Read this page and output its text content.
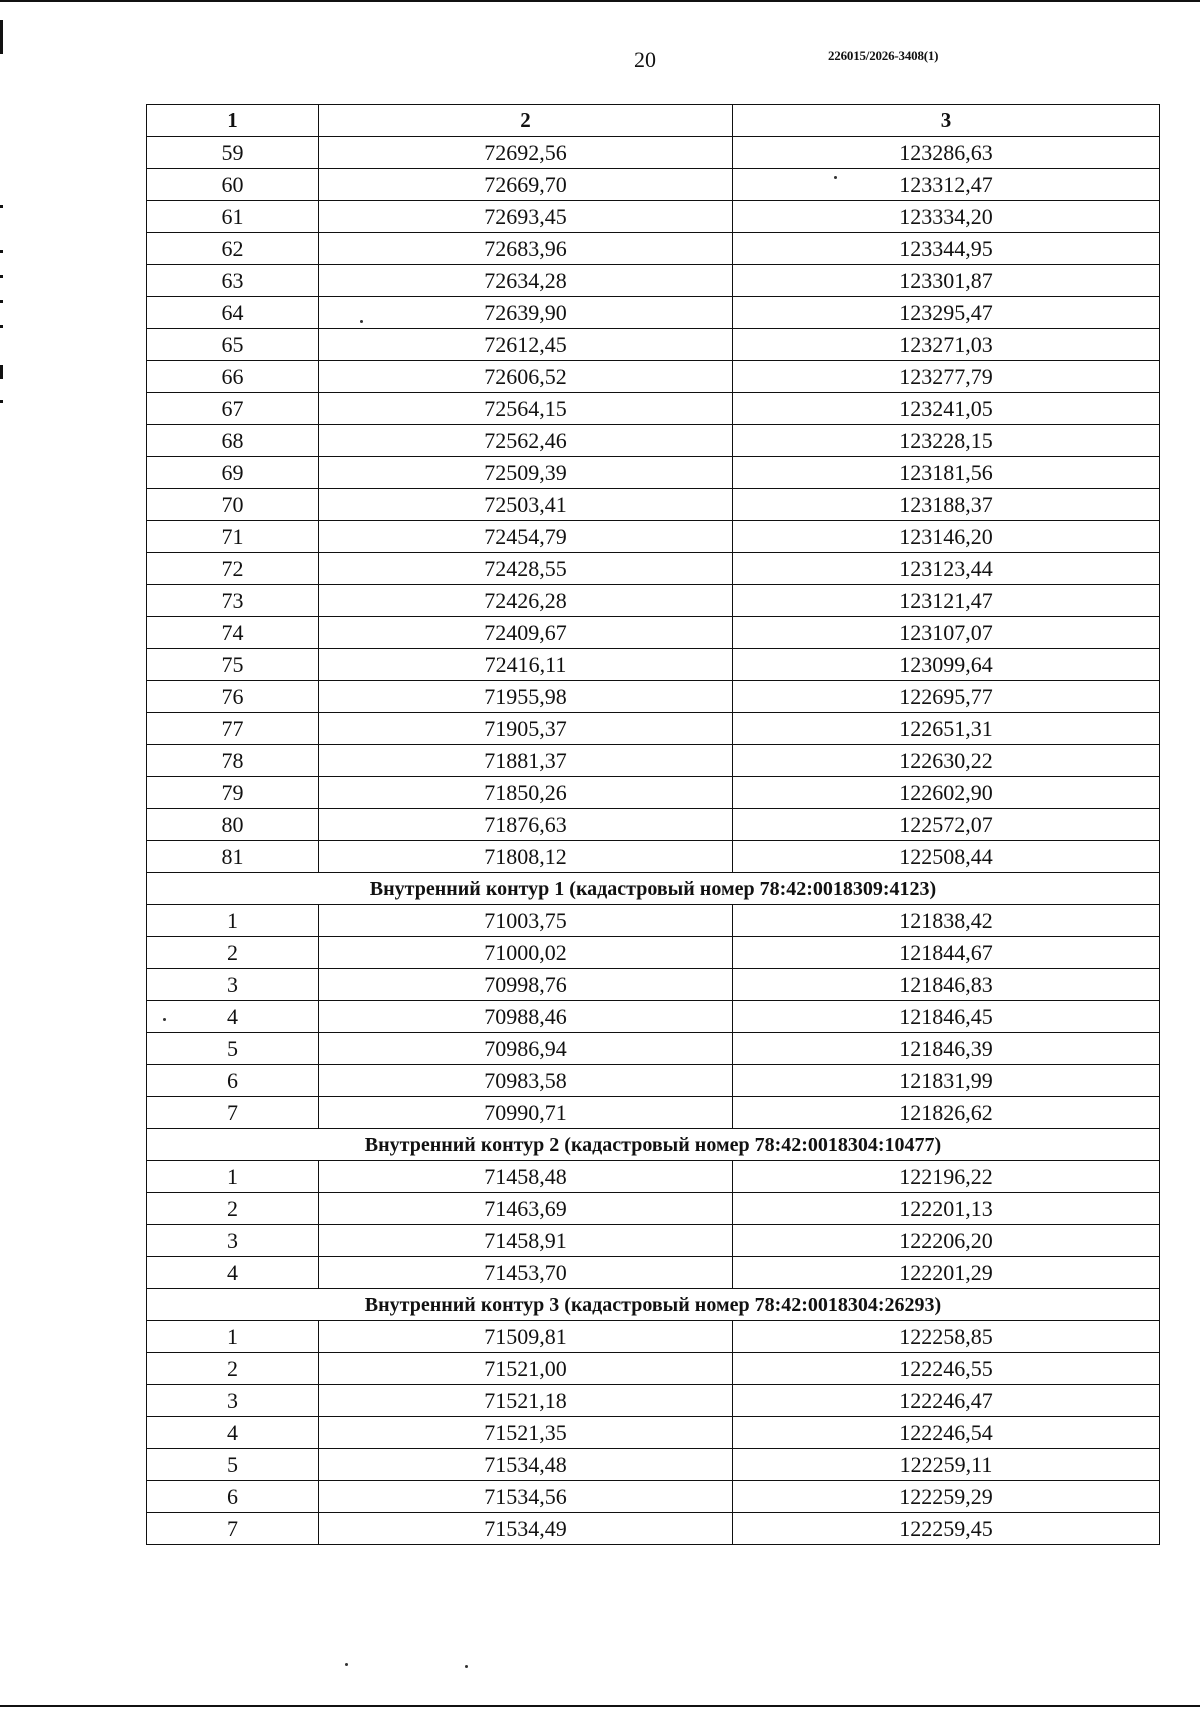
20	226015/2026-3408(1)
1	2	3
59	72692,56	123286,63
60	72669,70	123312,47
61	72693,45	123334,20
62	72683,96	123344,95
63	72634,28	123301,87
64	72639,90	123295,47
65	72612,45	123271,03
66	72606,52	123277,79
67	72564,15	123241,05
68	72562,46	123228,15
69	72509,39	123181,56
70	72503,41	123188,37
71	72454,79	123146,20
72	72428,55	123123,44
73	72426,28	123121,47
74	72409,67	123107,07
75	72416,11	123099,64
76	71955,98	122695,77
77	71905,37	122651,31
78	71881,37	122630,22
79	71850,26	122602,90
80	71876,63	122572,07
81	71808,12	122508,44
Внутренний контур 1 (кадастровый номер 78:42:0018309:4123)		
1	71003,75	121838,42
2	71000,02	121844,67
3	70998,76	121846,83
4	70988,46	121846,45
5	70986,94	121846,39
6	70983,58	121831,99
7	70990,71	121826,62
Внутренний контур 2 (кадастровый номер 78:42:0018304:10477)		
1	71458,48	122196,22
2	71463,69	122201,13
3	71458,91	122206,20
4	71453,70	122201,29
Внутренний контур 3 (кадастровый номер 78:42:0018304:26293)		
1	71509,81	122258,85
2	71521,00	122246,55
3	71521,18	122246,47
4	71521,35	122246,54
5	71534,48	122259,11
6	71534,56	122259,29
7	71534,49	122259,45
